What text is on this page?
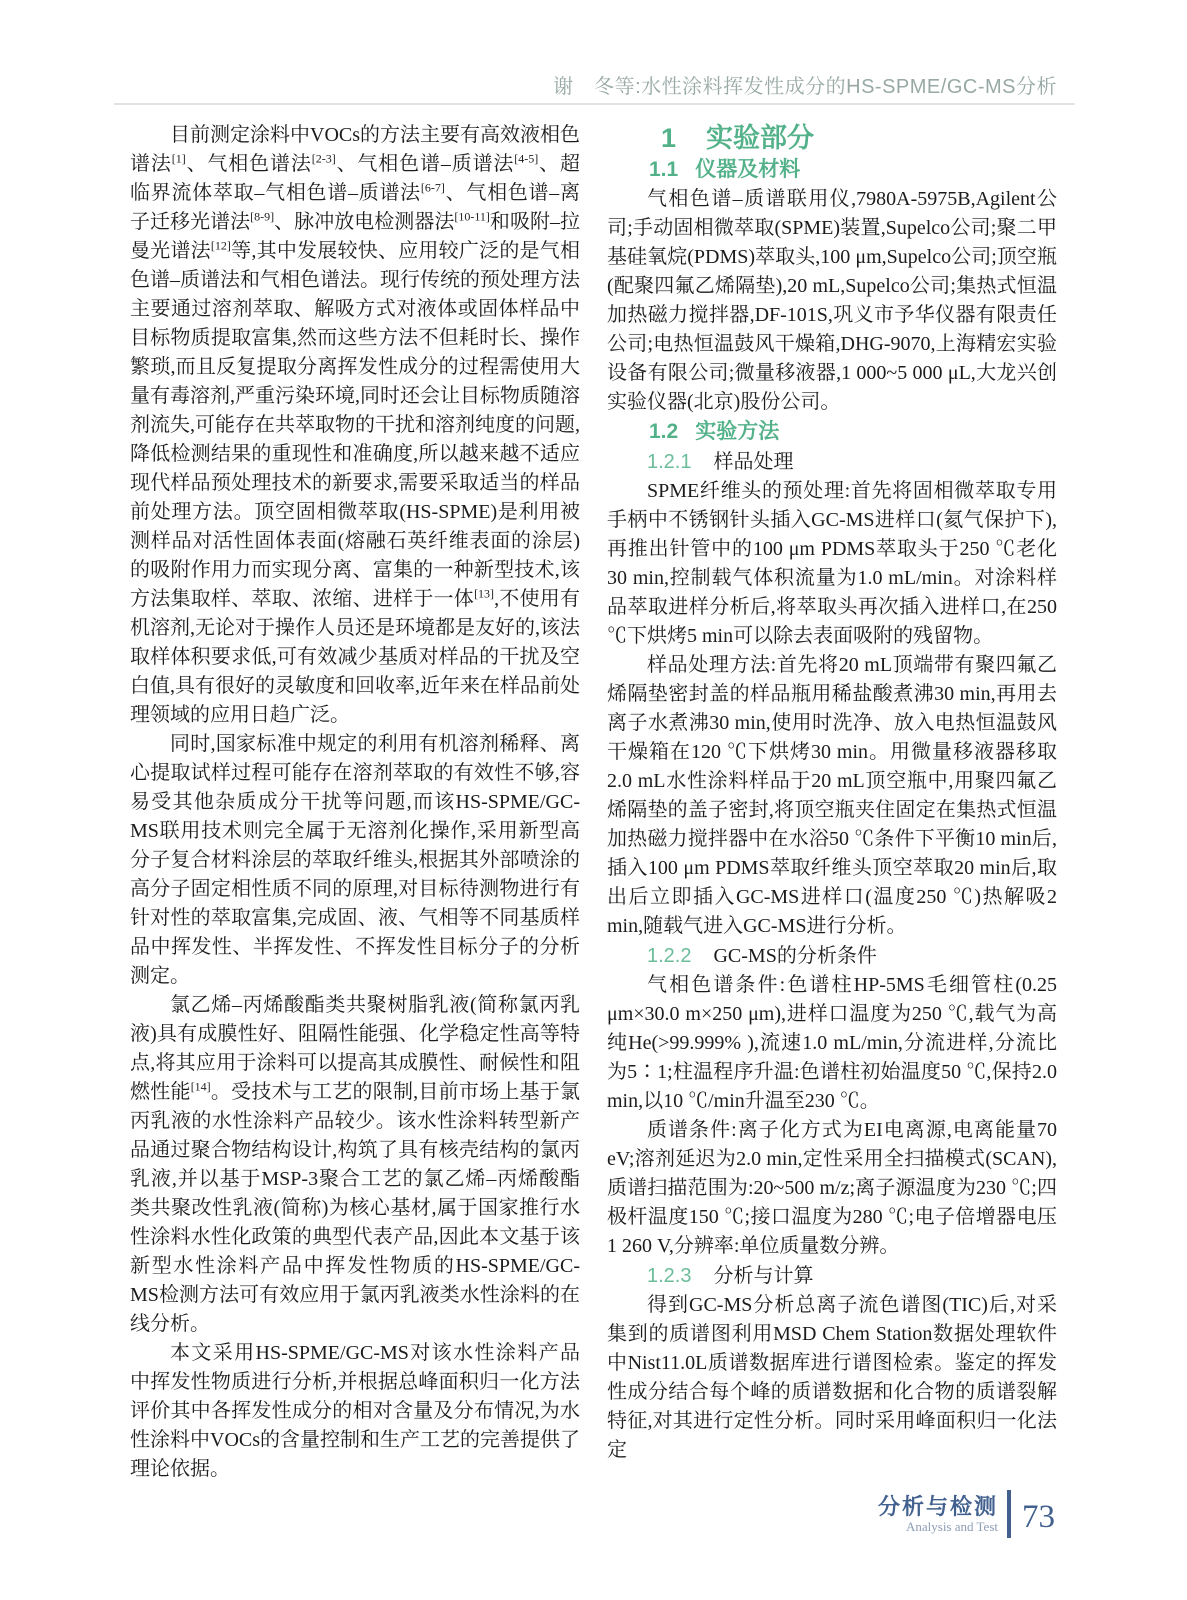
谢　冬等:水性涂料挥发性成分的HS-SPME/GC-MS分析

目前测定涂料中VOCs的方法主要有高效液相色谱法[1]、气相色谱法[2-3]、气相色谱–质谱法[4-5]、超临界流体萃取–气相色谱–质谱法[6-7]、气相色谱–离子迁移光谱法[8-9]、脉冲放电检测器法[10-11]和吸附–拉曼光谱法[12]等,其中发展较快、应用较广泛的是气相色谱–质谱法和气相色谱法。现行传统的预处理方法主要通过溶剂萃取、解吸方式对液体或固体样品中目标物质提取富集,然而这些方法不但耗时长、操作繁琐,而且反复提取分离挥发性成分的过程需使用大量有毒溶剂,严重污染环境,同时还会让目标物质随溶剂流失,可能存在共萃取物的干扰和溶剂纯度的问题,降低检测结果的重现性和准确度,所以越来越不适应现代样品预处理技术的新要求,需要采取适当的样品前处理方法。顶空固相微萃取(HS-SPME)是利用被测样品对活性固体表面(熔融石英纤维表面的涂层)的吸附作用力而实现分离、富集的一种新型技术,该方法集取样、萃取、浓缩、进样于一体[13],不使用有机溶剂,无论对于操作人员还是环境都是友好的,该法取样体积要求低,可有效减少基质对样品的干扰及空白值,具有很好的灵敏度和回收率,近年来在样品前处理领域的应用日趋广泛。

同时,国家标准中规定的利用有机溶剂稀释、离心提取试样过程可能存在溶剂萃取的有效性不够,容易受其他杂质成分干扰等问题,而该HS-SPME/GC-MS联用技术则完全属于无溶剂化操作,采用新型高分子复合材料涂层的萃取纤维头,根据其外部喷涂的高分子固定相性质不同的原理,对目标待测物进行有针对性的萃取富集,完成固、液、气相等不同基质样品中挥发性、半挥发性、不挥发性目标分子的分析测定。

氯乙烯–丙烯酸酯类共聚树脂乳液(简称氯丙乳液)具有成膜性好、阻隔性能强、化学稳定性高等特点,将其应用于涂料可以提高其成膜性、耐候性和阻燃性能[14]。受技术与工艺的限制,目前市场上基于氯丙乳液的水性涂料产品较少。该水性涂料转型新产品通过聚合物结构设计,构筑了具有核壳结构的氯丙乳液,并以基于MSP-3聚合工艺的氯乙烯–丙烯酸酯类共聚改性乳液(简称)为核心基材,属于国家推行水性涂料水性化政策的典型代表产品,因此本文基于该新型水性涂料产品中挥发性物质的HS-SPME/GC-MS检测方法可有效应用于氯丙乳液类水性涂料的在线分析。

本文采用HS-SPME/GC-MS对该水性涂料产品中挥发性物质进行分析,并根据总峰面积归一化方法评价其中各挥发性成分的相对含量及分布情况,为水性涂料中VOCs的含量控制和生产工艺的完善提供了理论依据。

1 实验部分

1.1 仪器及材料

气相色谱–质谱联用仪,7980A-5975B,Agilent公司;手动固相微萃取(SPME)装置,Supelco公司;聚二甲基硅氧烷(PDMS)萃取头,100 μm,Supelco公司;顶空瓶(配聚四氟乙烯隔垫),20 mL,Supelco公司;集热式恒温加热磁力搅拌器,DF-101S,巩义市予华仪器有限责任公司;电热恒温鼓风干燥箱,DHG-9070,上海精宏实验设备有限公司;微量移液器,1 000~5 000 μL,大龙兴创实验仪器(北京)股份公司。

1.2 实验方法

1.2.1 样品处理

SPME纤维头的预处理:首先将固相微萃取专用手柄中不锈钢针头插入GC-MS进样口(氦气保护下),再推出针管中的100 μm PDMS萃取头于250 ℃老化30 min,控制载气体积流量为1.0 mL/min。对涂料样品萃取进样分析后,将萃取头再次插入进样口,在250 ℃下烘烤5 min可以除去表面吸附的残留物。

样品处理方法:首先将20 mL顶端带有聚四氟乙烯隔垫密封盖的样品瓶用稀盐酸煮沸30 min,再用去离子水煮沸30 min,使用时洗净、放入电热恒温鼓风干燥箱在120 ℃下烘烤30 min。用微量移液器移取2.0 mL水性涂料样品于20 mL顶空瓶中,用聚四氟乙烯隔垫的盖子密封,将顶空瓶夹住固定在集热式恒温加热磁力搅拌器中在水浴50 ℃条件下平衡10 min后,插入100 μm PDMS萃取纤维头顶空萃取20 min后,取出后立即插入GC-MS进样口(温度250 ℃)热解吸2 min,随载气进入GC-MS进行分析。

1.2.2 GC-MS的分析条件

气相色谱条件:色谱柱HP-5MS毛细管柱(0.25 μm×30.0 m×250 μm),进样口温度为250 ℃,载气为高纯He(>99.999% ),流速1.0 mL/min,分流进样,分流比为5∶1;柱温程序升温:色谱柱初始温度50 ℃,保持2.0 min,以10 ℃/min升温至230 ℃。

质谱条件:离子化方式为EI电离源,电离能量70 eV;溶剂延迟为2.0 min,定性采用全扫描模式(SCAN),质谱扫描范围为:20~500 m/z;离子源温度为230 ℃;四极杆温度150 ℃;接口温度为280 ℃;电子倍增器电压1 260 V,分辨率:单位质量数分辨。

1.2.3 分析与计算

得到GC-MS分析总离子流色谱图(TIC)后,对采集到的质谱图利用MSD Chem Station数据处理软件中Nist11.0L质谱数据库进行谱图检索。鉴定的挥发性成分结合每个峰的质谱数据和化合物的质谱裂解特征,对其进行定性分析。同时采用峰面积归一化法定

分析与检测
Analysis and Test 73
